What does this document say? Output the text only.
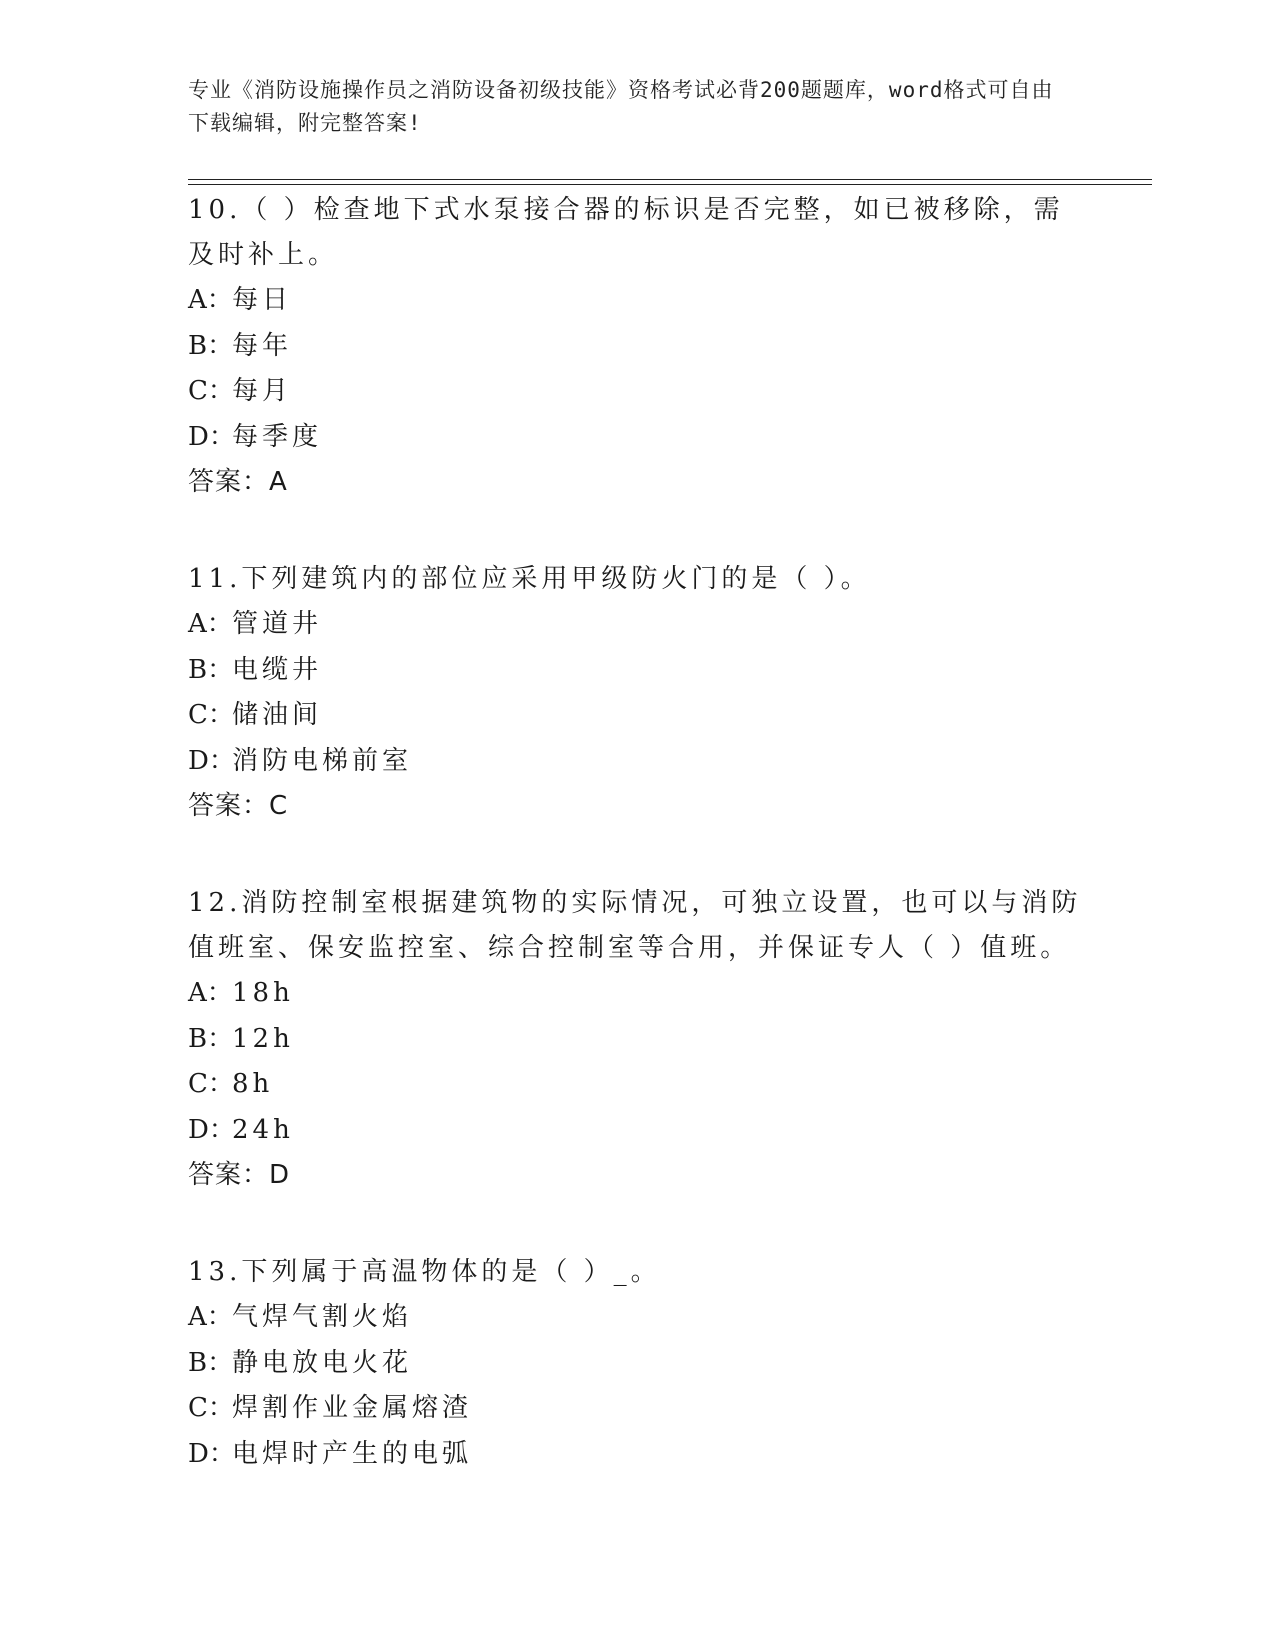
专业《消防设施操作员之消防设备初级技能》资格考试必背200题题库，word格式可自由下载编辑，附完整答案!

10.（ ）检查地下式水泵接合器的标识是否完整，如已被移除，需及时补上。

A：每日

B：每年

C：每月

D：每季度

答案：A

11.下列建筑内的部位应采用甲级防火门的是（ ）。

A：管道井

B：电缆井

C：储油间

D：消防电梯前室

答案：C

12.消防控制室根据建筑物的实际情况，可独立设置，也可以与消防值班室、保安监控室、综合控制室等合用，并保证专人（ ）值班。

A：18h

B：12h

C：8h

D：24h

答案：D

13.下列属于高温物体的是（ ）_。

A：气焊气割火焰

B：静电放电火花

C：焊割作业金属熔渣

D：电焊时产生的电弧
